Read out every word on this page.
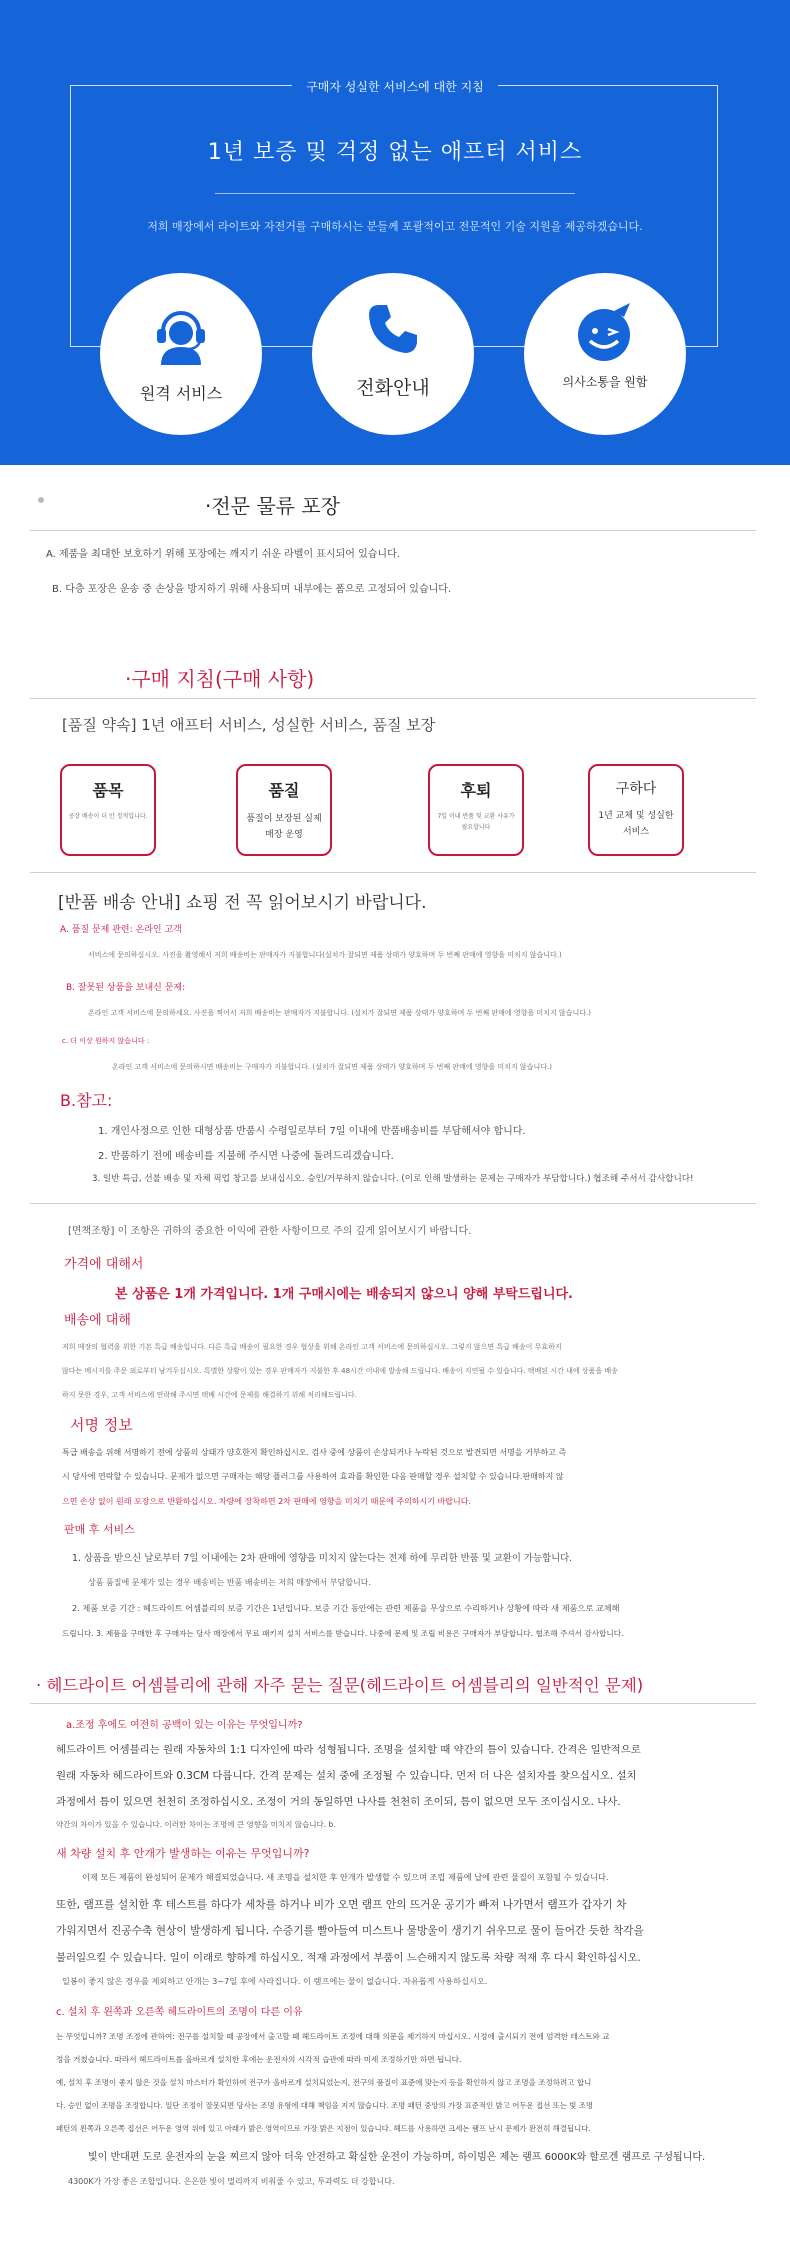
구매자 성실한 서비스에 대한 지침
1년 보증 및 걱정 없는 애프터 서비스
저희 매장에서 라이트와 자전거를 구매하시는 분들께 포괄적이고 전문적인 기술 지원을 제공하겠습니다.
원격 서비스	전화안내	의사소통을 원함
·전문 물류 포장
A. 제품을 최대한 보호하기 위해 포장에는 깨지기 쉬운 라벨이 표시되어 있습니다.
B. 다층 포장은 운송 중 손상을 방지하기 위해 사용되며 내부에는 폼으로 고정되어 있습니다.
·구매 지침(구매 사항)
[품질 약속] 1년 애프터 서비스, 성실한 서비스, 품질 보장
품목
공장 배송이 더 안 정적입니다.
품질
품질이 보장된 실제 매장 운영
후퇴
7일 이내 반품 및 교환 사유가 필요합니다
구하다
1년 교체 및 성실한 서비스
[반품 배송 안내] 쇼핑 전 꼭 읽어보시기 바랍니다.
A. 품질 문제 관련: 온라인 고객
서비스에 문의하십시오. 사진을 촬영해서 저희 배송비는 판매자가 지불합니다(설치가 잘되면 제품 상태가 양호하며 두 번째 판매에 영향을 미치지 않습니다.)
B. 잘못된 상품을 보내신 문제:
온라인 고객 서비스에 문의하세요. 사진을 찍어서 저희 배송비는 판매자가 지불합니다. (설치가 잘되면 제품 상태가 양호하며 두 번째 판매에 영향을 미치지 않습니다.)
c. 더 이상 원하지 않습니다 :
온라인 고객 서비스에 문의하시면 배송비는 구매자가 지불합니다. (설치가 잘되면 제품 상태가 양호하며 두 번째 판매에 영향을 미치지 않습니다.)
B.참고:
1. 개인사정으로 인한 대형상품 반품시 수령일로부터 7일 이내에 반품배송비를 부담해셔야 합니다.
2. 반품하기 전에 배송비를 지불해 주시면 나중에 돌려드리겠습니다.
3. 일반 특급, 선불 배송 및 자체 픽업 창고를 보내십시오. 승인/거부하지 않습니다. (이로 인해 발생하는 문제는 구매자가 부담합니다.) 협조해 주셔서 감사합니다!
[면책조항] 이 조항은 귀하의 중요한 이익에 관한 사항이므로 주의 깊게 읽어보시기 바랍니다.
가격에 대해서
본 상품은 1개 가격입니다. 1개 구매시에는 배송되지 않으니 양해 부탁드립니다.
배송에 대해
저희 매장의 협력을 위한 기본 특급 배송입니다. 다른 특급 배송이 필요한 경우 협상을 위해 온라인 고객 서비스에 문의하십시오. 그렇지 않으면 특급 배송이 무효하지
않다는 메시지를 주문 외로부터 남겨두십시오. 특별한 상황이 있는 경우 판매자가 지불한 후 48시간 이내에 발송해 드립니다. 배송이 지연될 수 있습니다. 택배된 시간 내에 상품을 배송
하지 못한 경우, 고객 서비스에 연락해 주시면 택배 시간에 문제를 해결하기 위해 처리해드립니다.
서명 정보
특급 배송을 위해 서명하기 전에 상품의 상태가 양호한지 확인하십시오. 검사 중에 상품이 손상되거나 누락된 것으로 발견되면 서명을 거부하고 즉
시 당사에 연락할 수 있습니다. 문제가 없으면 구매자는 해당 플러그를 사용하여 효과를 확인한 다음 판매할 경우 설치할 수 있습니다.판매하지 않
으면 손상 없이 원래 포장으로 반환하십시오. 차량에 장착하면 2차 판매에 영향을 미치기 때문에 주의하시기 바랍니다.
판매 후 서비스
1. 상품을 받으신 날로부터 7일 이내에는 2차 판매에 영향을 미치지 않는다는 전제 하에 무리한 반품 및 교환이 가능합니다.
상품 품질에 문제가 있는 경우 배송비는 반품 배송비는 저희 매장에서 부담합니다.
2. 제품 보증 기간 : 헤드라이트 어셈블리의 보증 기간은 1년입니다. 보증 기간 동안에는 관련 제품을 무상으로 수리하거나 상황에 따라 새 제품으로 교체해
드립니다. 3. 제품을 구매한 후 구매자는 당사 매장에서 무료 패키지 설치 서비스를 받습니다. 나중에 문제 및 조립 비용은 구매자가 부담합니다. 협조해 주셔서 감사합니다.
· 헤드라이트 어셈블리에 관해 자주 묻는 질문(헤드라이트 어셈블리의 일반적인 문제)
a.조정 후에도 여전히 공백이 있는 이유는 무엇입니까?
헤드라이트 어셈블리는 원래 자동차의 1:1 디자인에 따라 성형됩니다. 조명을 설치할 때 약간의 틈이 있습니다. 간격은 일반적으로
원래 자동차 헤드라이트와 0.3CM 다릅니다. 간격 문제는 설치 중에 조정될 수 있습니다. 먼저 더 나은 설치자를 찾으십시오. 설치
과정에서 틈이 있으면 천천히 조정하십시오. 조정이 거의 동일하면 나사를 천천히 조이되, 틈이 없으면 모두 조이십시오. 나사.
약간의 차이가 있을 수 있습니다. 이러한 차이는 조명에 큰 영향을 미치지 않습니다. b.
새 차량 설치 후 안개가 발생하는 이유는 무엇입니까?
이제 모든 제품이 완성되어 문제가 해결되었습니다. 새 조명을 설치한 후 안개가 발생할 수 있으며 조립 제품에 납에 관련 물질이 포함될 수 있습니다.
또한, 램프를 설치한 후 테스트를 하다가 세차를 하거나 비가 오면 램프 안의 뜨거운 공기가 빠져 나가면서 램프가 갑자기 차
가워지면서 진공수축 현상이 발생하게 됩니다. 수증기를 빨아들여 미스트나 물방울이 생기기 쉬우므로 물이 들어간 듯한 착각을
불러일으킬 수 있습니다. 일이 이래로 향하게 하십시오. 적재 과정에서 부품이 느슨해지지 않도록 차량 적재 후 다시 확인하십시오.
일봉이 좋지 않은 경우를 제외하고 안개는 3~7일 후에 사라집니다. 이 램프에는 물이 없습니다. 자유롭게 사용하십시오.
c. 설치 후 왼쪽과 오른쪽 헤드라이트의 조명이 다른 이유
는 무엇입니까? 조명 조정에 관하여: 전구를 설치할 때 공장에서 출고할 때 헤드라이트 조정에 대해 의문을 제기하지 마십시오. 시정에 출시되기 전에 엄격한 테스트와 교
정을 거쳤습니다. 따라서 헤드라이트를 올바르게 설치한 후에는 운전자의 시각적 습관에 따라 미세 조정하기만 하면 됩니다.
예, 설치 후 조명이 좋지 않은 것을 설치 마스터가 확인하여 전구가 올바르게 설치되었는지, 전구의 품질이 표준에 맞는지 등을 확인하지 않고 조명을 조정하려고 합니
다. 승인 없이 조명을 조정합니다. 일단 조정이 잘못되면 당사는 조명 유형에 대해 책임을 지지 않습니다. 조명 패턴 중앙의 가장 표준적인 밝고 어두운 접선 또는 빛 조명
패턴의 왼쪽과 오른쪽 접선은 어두운 영역 위에 있고 아래가 밝은 영역이므로 가장 밝은 지점이 있습니다. 헤드를 사용하면 크세논 램프 난시 문제가 완전히 해결됩니다.
빛이 반대편 도로 운전자의 눈을 찌르지 않아 더욱 안전하고 확실한 운전이 가능하며, 하이빔은 제논 램프 6000K와 할로겐 램프로 구성됩니다.
4300K가 가장 좋은 조합입니다. 은은한 빛이 멀리까지 비춰줄 수 있고, 투과력도 더 강합니다.
